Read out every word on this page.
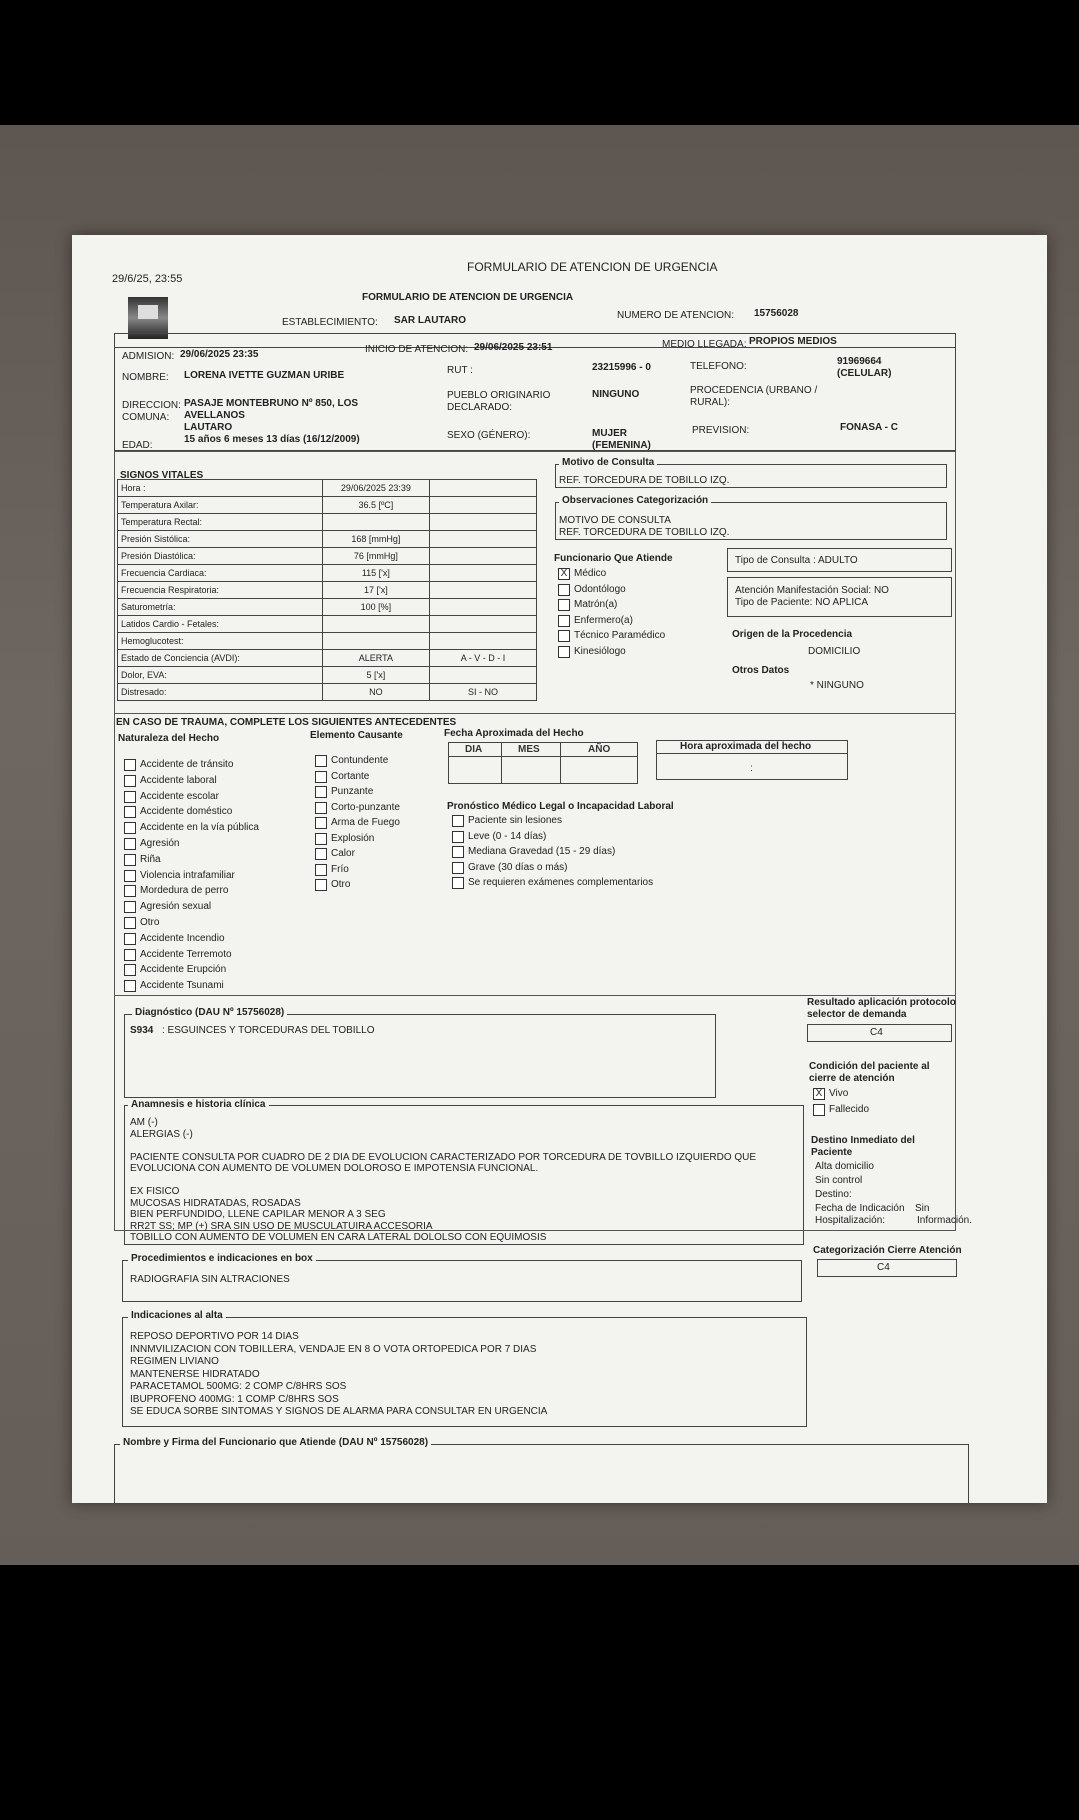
29/6/25, 23:55
FORMULARIO DE ATENCION DE URGENCIA
FORMULARIO DE ATENCION DE URGENCIA
ESTABLECIMIENTO: SAR LAUTARO	NUMERO DE ATENCION: 15756028
ADMISION: 29/06/2025 23:35	INICIO DE ATENCION: 29/06/2025 23:51	MEDIO LLEGADA: PROPIOS MEDIOS
NOMBRE: LORENA IVETTE GUZMAN URIBE	RUT :	23215996 - 0	TELEFONO:	91969664
(CELULAR)
DIRECCION: PASAJE MONTEBRUNO Nº 850, LOS
COMUNA: AVELLANOS
LAUTARO
PUEBLO ORIGINARIO
DECLARADO:
NINGUNO	PROCEDENCIA (URBANO /
RURAL):
EDAD:
15 años 6 meses 13 días (16/12/2009)	SEXO (GÉNERO):	MUJER
(FEMENINA)
PREVISION:	FONASA - C
SIGNOS VITALES
Hora :	29/06/2025 23:39	
Temperatura Axilar:	36.5 [ºC]	
Temperatura Rectal:		
Presión Sistólica:	168 [mmHg]	
Presión Diastólica:	76 [mmHg]	
Frecuencia Cardiaca:	115 ['x]	
Frecuencia Respiratoria:	17 ['x]	
Saturometría:	100 [%]	
Latidos Cardio - Fetales:		
Hemoglucotest:		
Estado de Conciencia (AVDI):	ALERTA	A - V - D - I
Dolor, EVA:	5 ['x]	
Distresado:	NO	SI - NO
Motivo de Consulta
REF. TORCEDURA DE TOBILLO IZQ.
Observaciones Categorización
MOTIVO DE CONSULTA
REF. TORCEDURA DE TOBILLO IZQ.
Funcionario Que Atiende
X Médico
Odontólogo
Matrón(a)
Enfermero(a)
Técnico Paramédico
Kinesiólogo
Tipo de Consulta : ADULTO
Atención Manifestación Social: NO
Tipo de Paciente: NO APLICA
Origen de la Procedencia
DOMICILIO
Otros Datos
* NINGUNO
EN CASO DE TRAUMA, COMPLETE LOS SIGUIENTES ANTECEDENTES
Naturaleza del Hecho	Elemento Causante	Fecha Aproximada del Hecho
Accidente de tránsito
Accidente laboral
Accidente escolar
Accidente doméstico
Accidente en la vía pública
Agresión
Riña
Violencia intrafamiliar
Mordedura de perro
Agresión sexual
Otro
Accidente Incendio
Accidente Terremoto
Accidente Erupción
Accidente Tsunami
Contundente
Cortante
Punzante
Corto-punzante
Arma de Fuego
Explosión
Calor
Frío
Otro
DIA	MES	AÑO	Hora aproximada del hecho
:
Pronóstico Médico Legal o Incapacidad Laboral
Paciente sin lesiones
Leve (0 - 14 días)
Mediana Gravedad (15 - 29 días)
Grave (30 días o más)
Se requieren exámenes complementarios
Diagnóstico (DAU Nº 15756028)
S934 : ESGUINCES Y TORCEDURAS DEL TOBILLO
Resultado aplicación protocolo
selector de demanda
C4
Condición del paciente al
cierre de atención
X Vivo
Fallecido
Destino Inmediato del
Paciente
Alta domicilio
Sin control
Destino:
Fecha de Indicación Sin
Hospitalización:	Información.
Categorización Cierre Atención
C4
Anamnesis e historia clínica
AM (-)
ALERGIAS (-)
PACIENTE CONSULTA POR CUADRO DE 2 DIA DE EVOLUCION CARACTERIZADO POR TORCEDURA DE TOVBILLO IZQUIERDO QUE
EVOLUCIONA CON AUMENTO DE VOLUMEN DOLOROSO E IMPOTENSIA FUNCIONAL.
EX FISICO
MUCOSAS HIDRATADAS, ROSADAS
BIEN PERFUNDIDO, LLENE CAPILAR MENOR A 3 SEG
RR2T SS; MP (+) SRA SIN USO DE MUSCULATUIRA ACCESORIA
TOBILLO CON AUMENTO DE VOLUMEN EN CARA LATERAL DOLOLSO CON EQUIMOSIS
Procedimientos e indicaciones en box
RADIOGRAFIA SIN ALTRACIONES
Indicaciones al alta
REPOSO DEPORTIVO POR 14 DIAS
INNMVILIZACION CON TOBILLERA, VENDAJE EN 8 O VOTA ORTOPEDICA POR 7 DIAS
REGIMEN LIVIANO
MANTENERSE HIDRATADO
PARACETAMOL 500MG: 2 COMP C/8HRS SOS
IBUPROFENO 400MG: 1 COMP C/8HRS SOS
SE EDUCA SORBE SINTOMAS Y SIGNOS DE ALARMA PARA CONSULTAR EN URGENCIA
Nombre y Firma del Funcionario que Atiende (DAU Nº 15756028)
